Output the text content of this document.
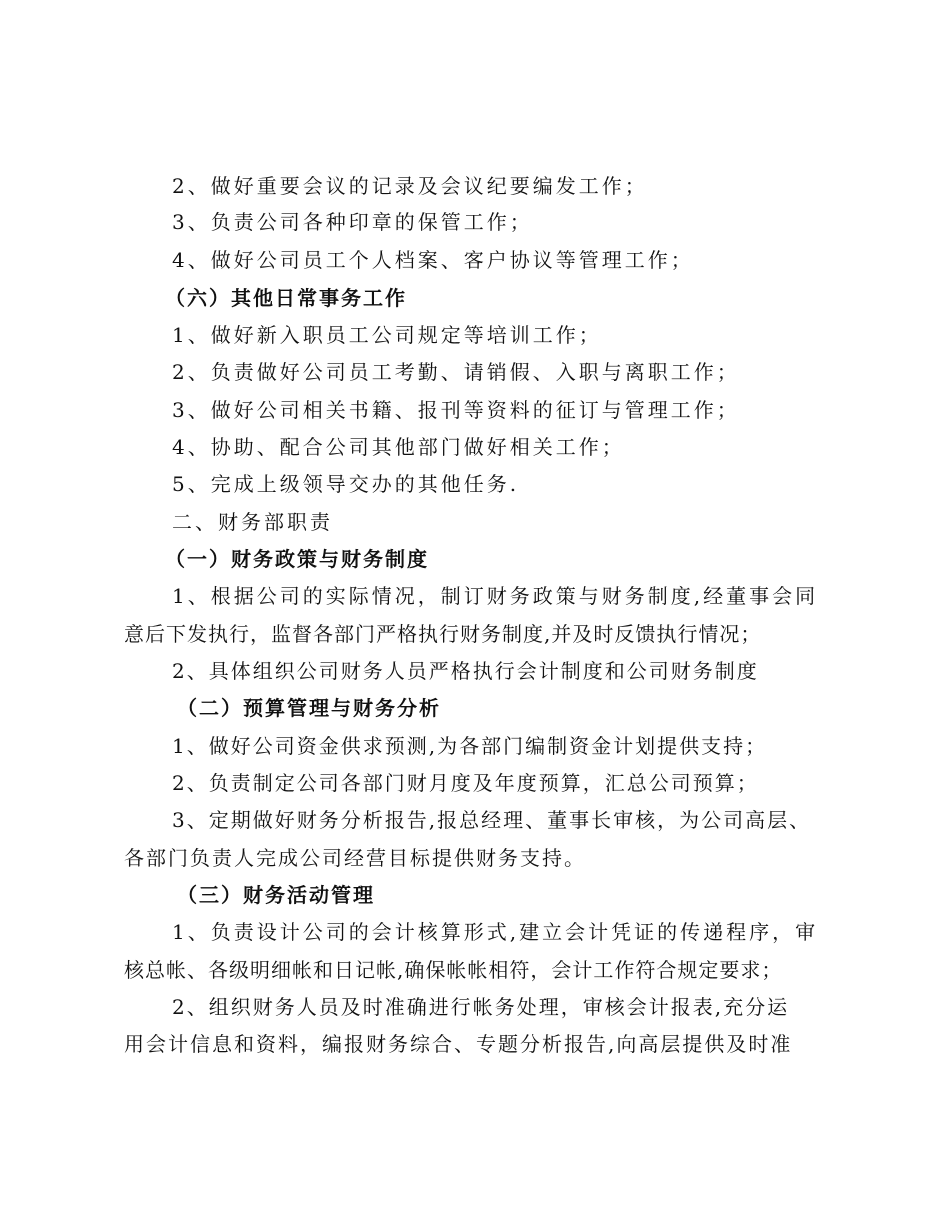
2、做好重要会议的记录及会议纪要编发工作；
3、负责公司各种印章的保管工作；
4、做好公司员工个人档案、客户协议等管理工作；
（六）其他日常事务工作
1、做好新入职员工公司规定等培训工作；
2、负责做好公司员工考勤、请销假、入职与离职工作；
3、做好公司相关书籍、报刊等资料的征订与管理工作；
4、协助、配合公司其他部门做好相关工作；
5、完成上级领导交办的其他任务.
二、财务部职责
（一）财务政策与财务制度
1、根据公司的实际情况，制订财务政策与财务制度,经董事会同
意后下发执行，监督各部门严格执行财务制度,并及时反馈执行情况；
2、具体组织公司财务人员严格执行会计制度和公司财务制度
（二）预算管理与财务分析
1、做好公司资金供求预测,为各部门编制资金计划提供支持；
2、负责制定公司各部门财月度及年度预算，汇总公司预算；
3、定期做好财务分析报告,报总经理、董事长审核，为公司高层、
各部门负责人完成公司经营目标提供财务支持。
（三）财务活动管理
1、负责设计公司的会计核算形式,建立会计凭证的传递程序，审
核总帐、各级明细帐和日记帐,确保帐帐相符，会计工作符合规定要求；
2、组织财务人员及时准确进行帐务处理，审核会计报表,充分运
用会计信息和资料，编报财务综合、专题分析报告,向高层提供及时准
